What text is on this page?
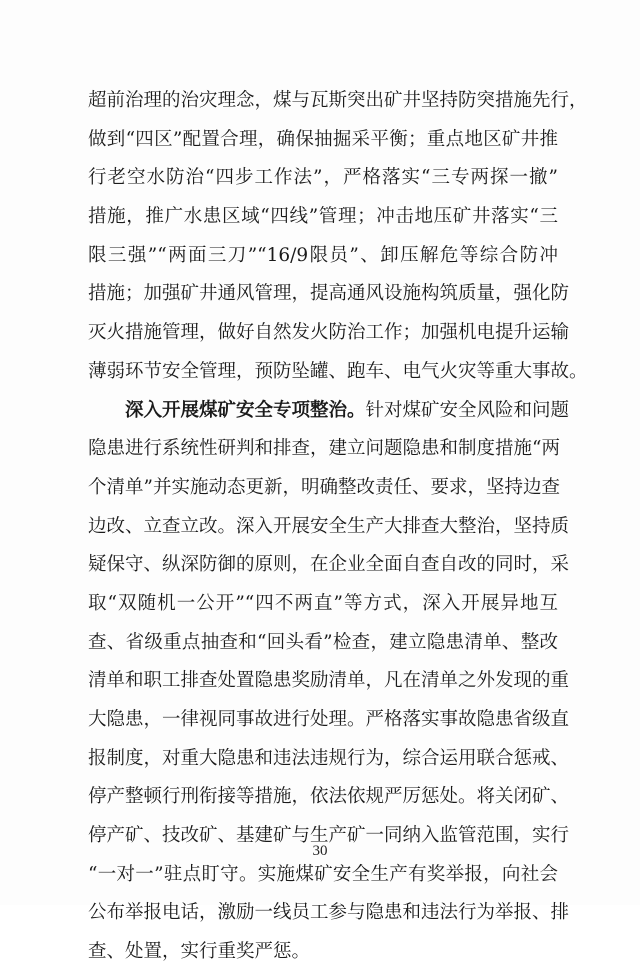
超前治理的治灾理念，煤与瓦斯突出矿井坚持防突措施先行，
做到“四区”配置合理，确保抽掘采平衡；重点地区矿井推
行老空水防治“四步工作法”，严格落实“三专两探一撤”
措施，推广水患区域“四线”管理；冲击地压矿井落实“三
限三强”“两面三刀”“16/9限员”、卸压解危等综合防冲
措施；加强矿井通风管理，提高通风设施构筑质量，强化防
灭火措施管理，做好自然发火防治工作；加强机电提升运输
薄弱环节安全管理，预防坠罐、跑车、电气火灾等重大事故。
深入开展煤矿安全专项整治。针对煤矿安全风险和问题
隐患进行系统性研判和排查，建立问题隐患和制度措施“两
个清单”并实施动态更新，明确整改责任、要求，坚持边查
边改、立查立改。深入开展安全生产大排查大整治，坚持质
疑保守、纵深防御的原则，在企业全面自查自改的同时，采
取“双随机一公开”“四不两直”等方式，深入开展异地互
查、省级重点抽查和“回头看”检查，建立隐患清单、整改
清单和职工排查处置隐患奖励清单，凡在清单之外发现的重
大隐患，一律视同事故进行处理。严格落实事故隐患省级直
报制度，对重大隐患和违法违规行为，综合运用联合惩戒、
停产整顿行刑衔接等措施，依法依规严厉惩处。将关闭矿、
停产矿、技改矿、基建矿与生产矿一同纳入监管范围，实行
“一对一”驻点盯守。实施煤矿安全生产有奖举报，向社会
公布举报电话，激励一线员工参与隐患和违法行为举报、排
查、处置，实行重奖严惩。
30
